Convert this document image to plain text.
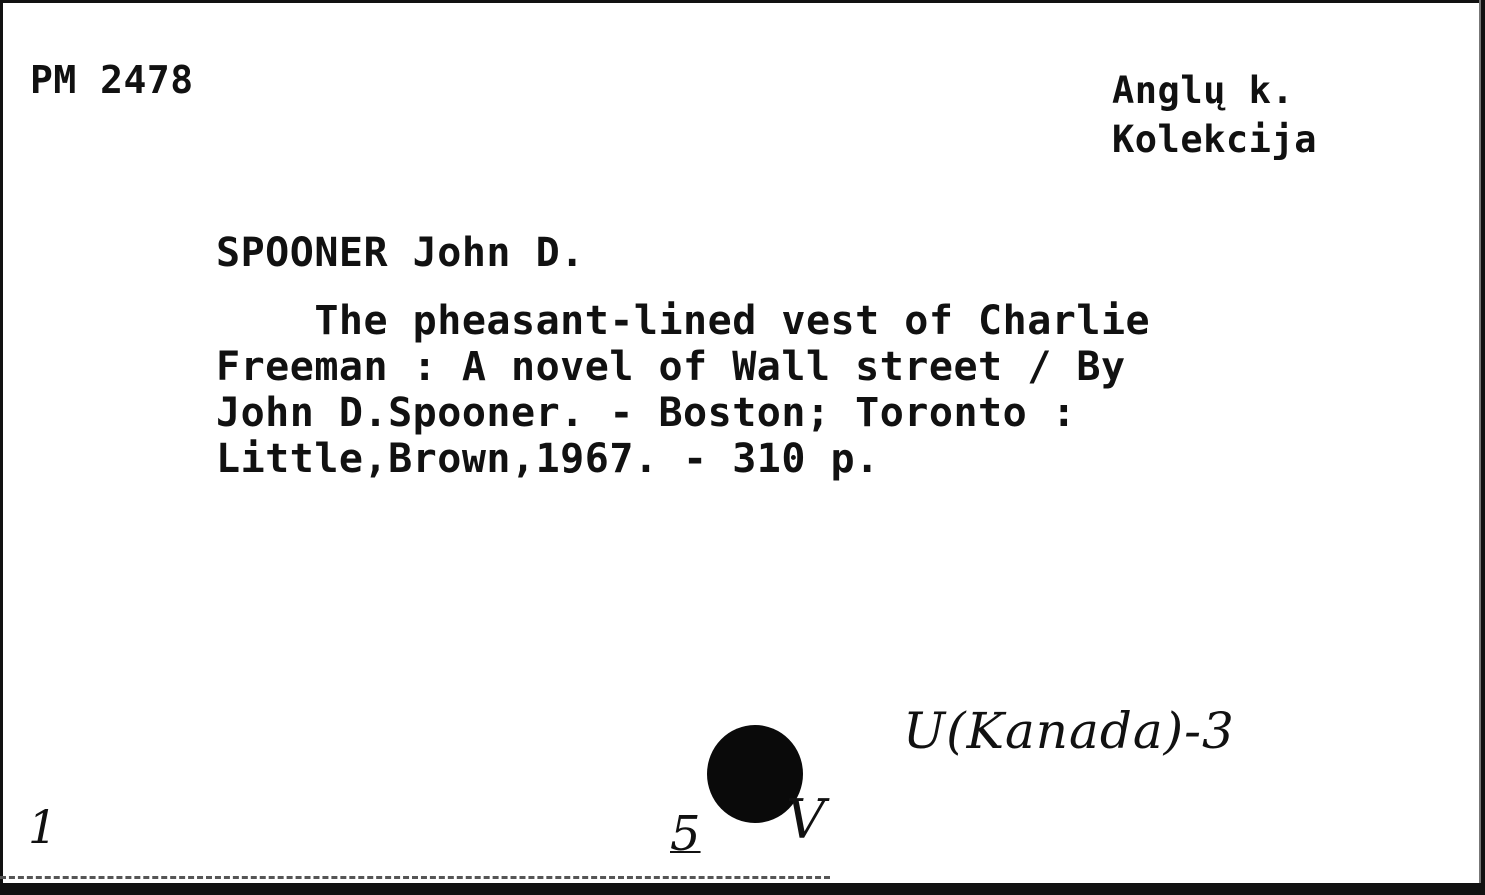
PM 2478	Anglų k.
Kolekcija
SPOONER John D.
The pheasant-lined vest of Charlie
Freeman : A novel of Wall street / By
John D.Spooner. - Boston; Toronto :
Little,Brown,1967. - 310 p.
1	5 V
U(Kanada)-3
